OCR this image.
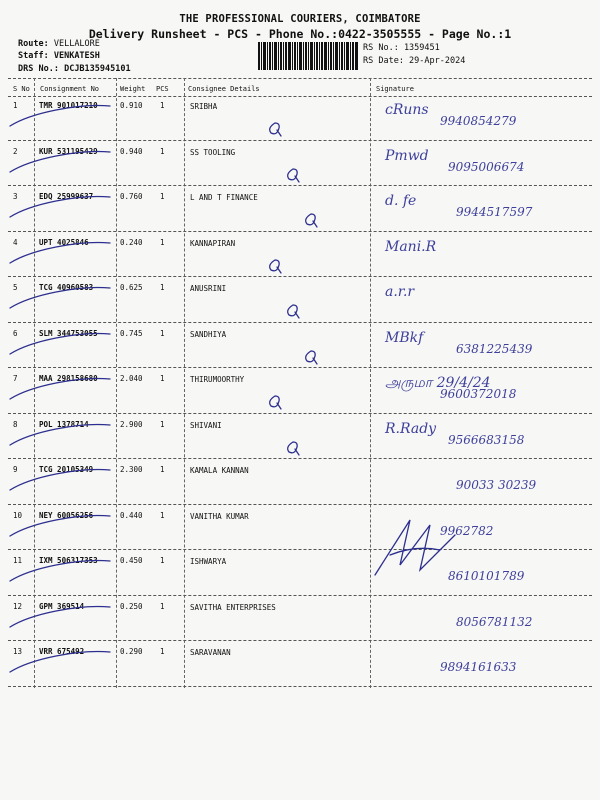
THE PROFESSIONAL COURIERS, COIMBATORE
Delivery Runsheet - PCS - Phone No.:0422-3505555 - Page No.:1
Route: VELLALORE
Staff: VENKATESH
DRS No.: DCJB135945101
RS No.: 1359451
RS Date: 29-Apr-2024
S No Consignment No	Weight PCS	Consignee Details	Signature
1	TMR 901017210	0.910 1	SRIBHA	ᴄRuns
9940854279
2	KUR 531195429	0.940 1	SS TOOLING	Pmwd
9095006674
3	EDQ 25999637	0.760 1	L AND T FINANCE	d. fe
9944517597
4	UPT 4025846	0.240 1	KANNAPIRAN	Mani.R
5	TCG 40960583	0.625 1	ANUSRINI	a.r.r
6	SLM 344753055	0.745 1	SANDHIYA	MBkf
6381225439
7	MAA 298158680	2.040 1	THIRUMOORTHY	அருமா 29/4/24
9600372018
8	POL 1378714	2.900 1	SHIVANI	R.Rady
9566683158
9	TCG 20105349	2.300 1	KAMALA KANNAN
90033 30239
10 NEY 60056256	0.440 1	VANITHA KUMAR
9962782
11 IXM 506317353	0.450 1	ISHWARYA
8610101789
12 GPM 369514	0.250 1	SAVITHA ENTERPRISES
8056781132
13 VRR 675492	0.290 1	SARAVANAN
9894161633
